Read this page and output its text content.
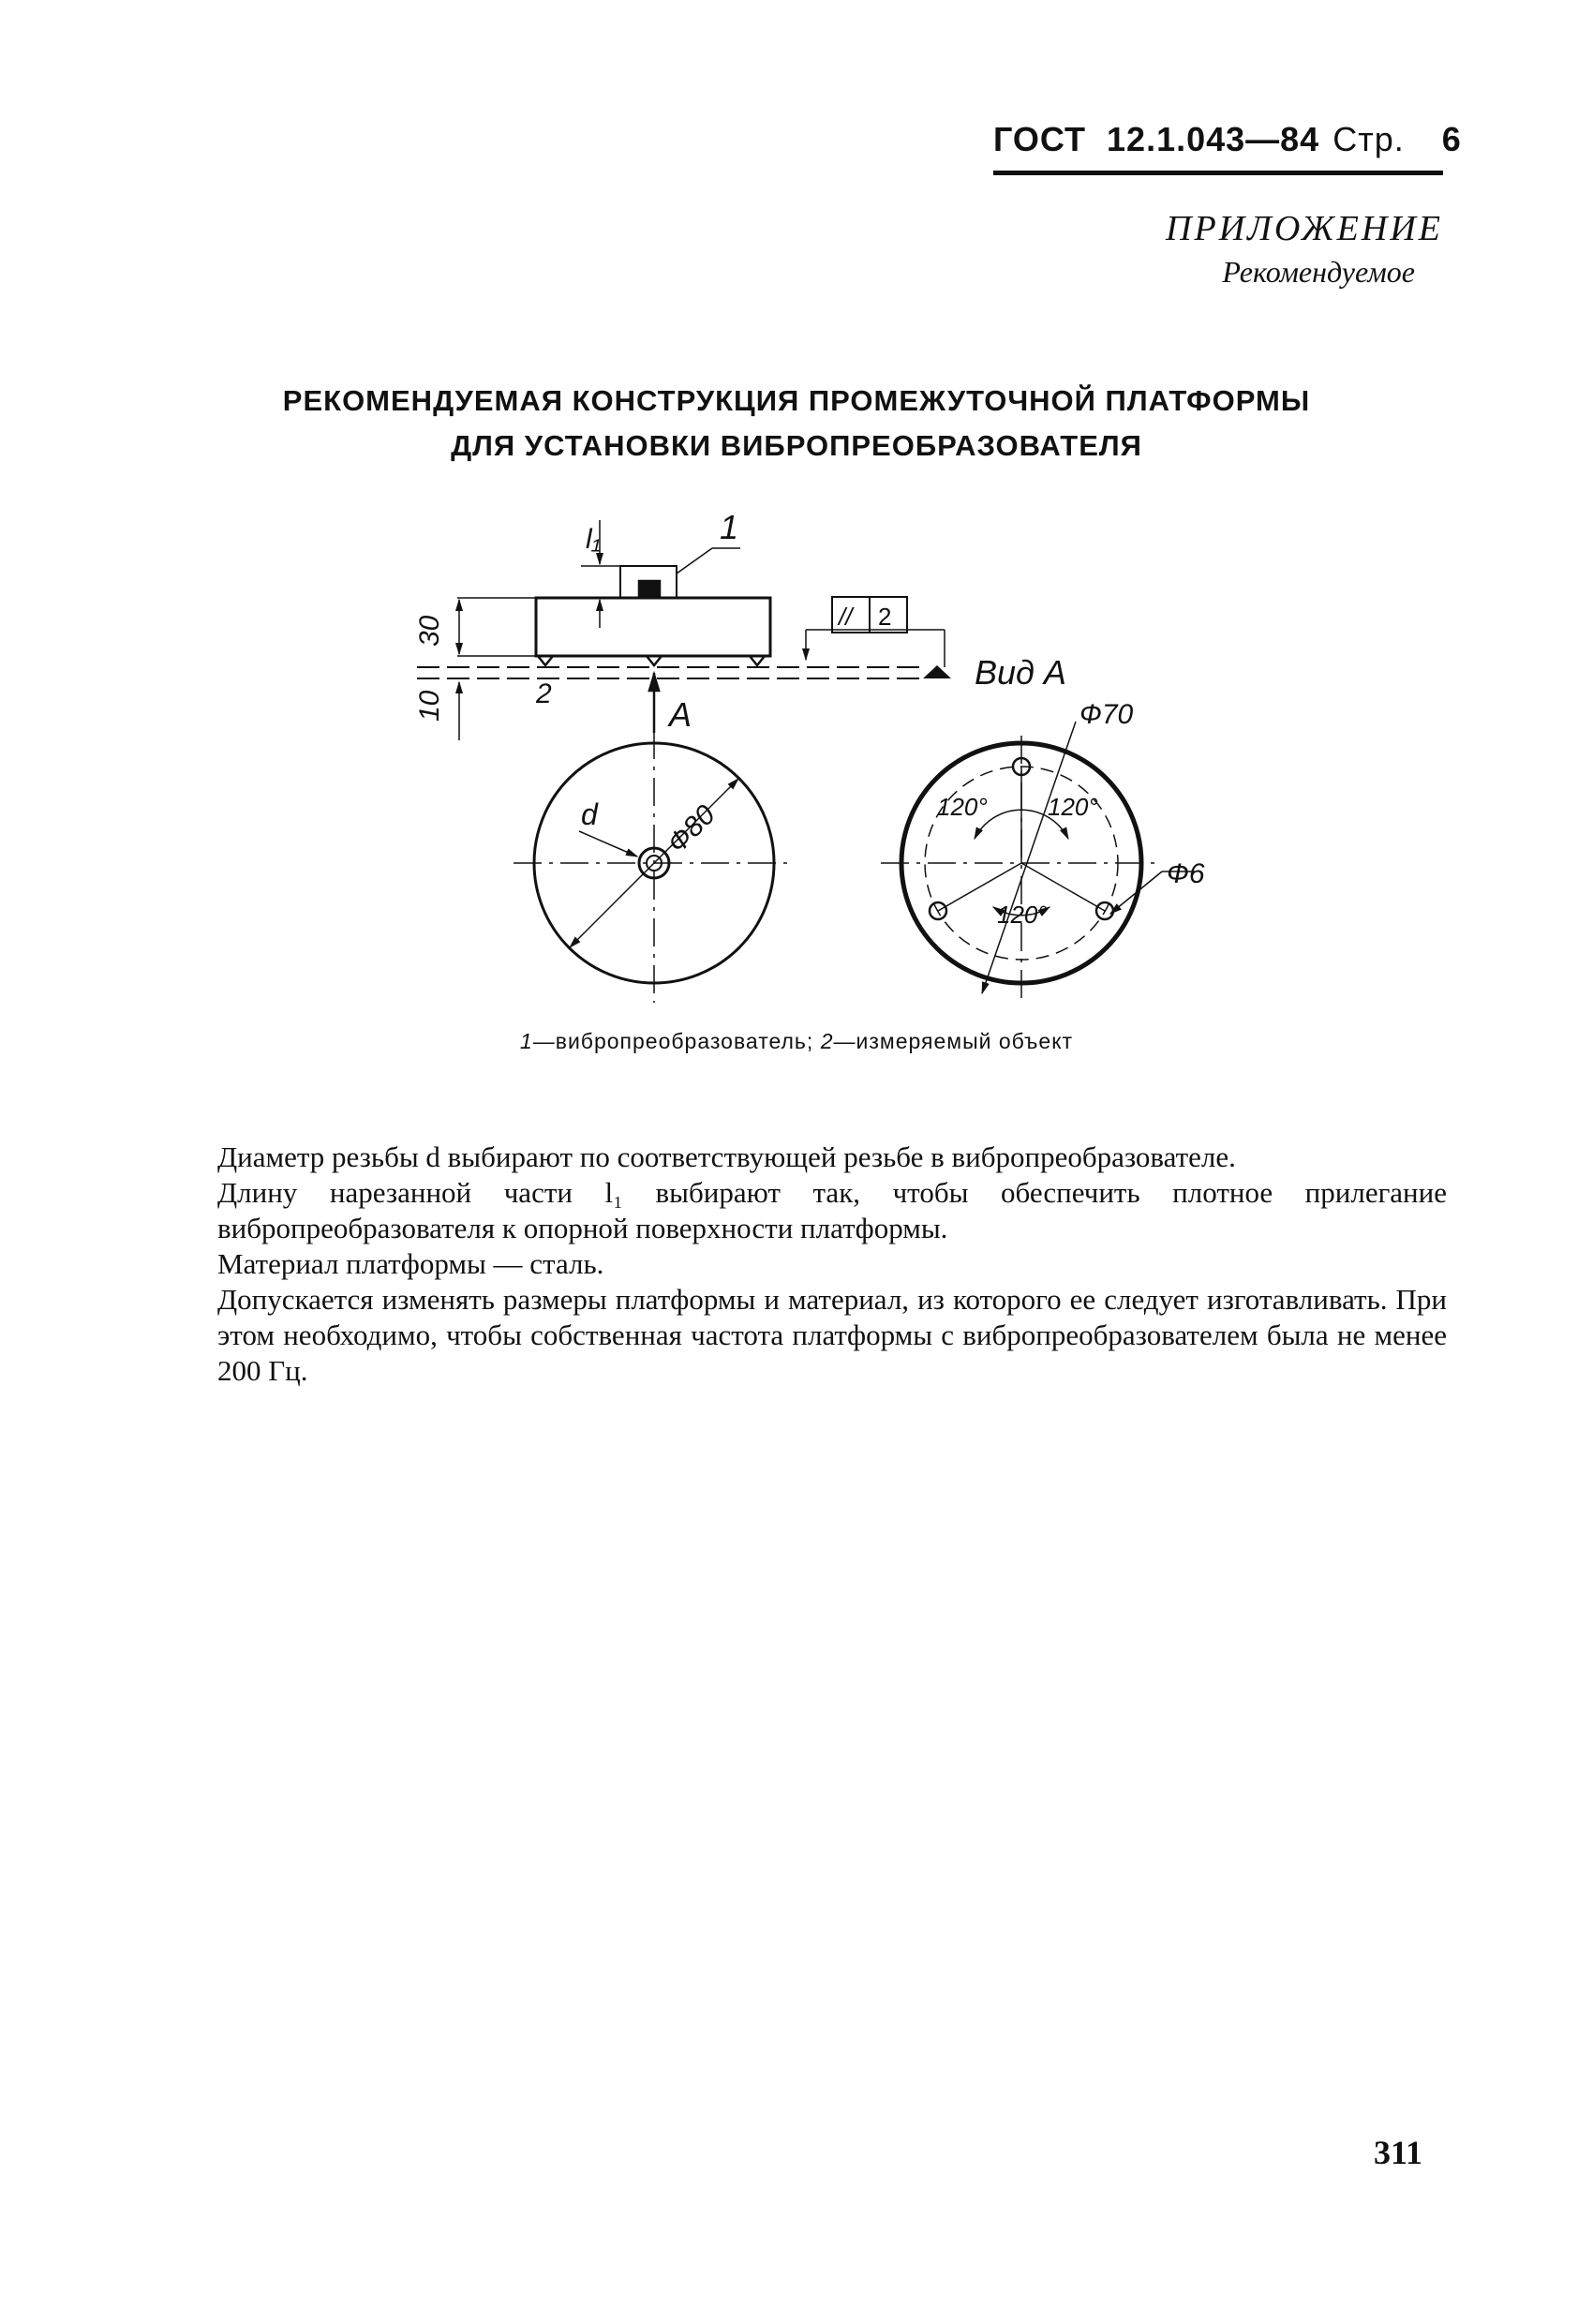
ГОСТ 12.1.043—84 Стр. 6
ПРИЛОЖЕНИЕ
Рекомендуемое
РЕКОМЕНДУЕМАЯ КОНСТРУКЦИЯ ПРОМЕЖУТОЧНОЙ ПЛАТФОРМЫ
ДЛЯ УСТАНОВКИ ВИБРОПРЕОБРАЗОВАТЕЛЯ
l₁	1
2
30
10
// 2
A
Вид А
Ф70
Ф80
d
Ф6
120° 120°
120°
1—вибропреобразователь; 2—измеряемый объект

Диаметр резьбы d выбирают по соответствующей резьбе в вибропреобразователе.

Длину нарезанной части l₁ выбирают так, чтобы обеспечить плотное прилегание вибропреобразователя к опорной поверхности платформы.

Материал платформы — сталь.

Допускается изменять размеры платформы и материал, из которого ее следует изготавливать. При этом необходимо, чтобы собственная частота платформы с вибропреобразователем была не менее 200 Гц.

311
